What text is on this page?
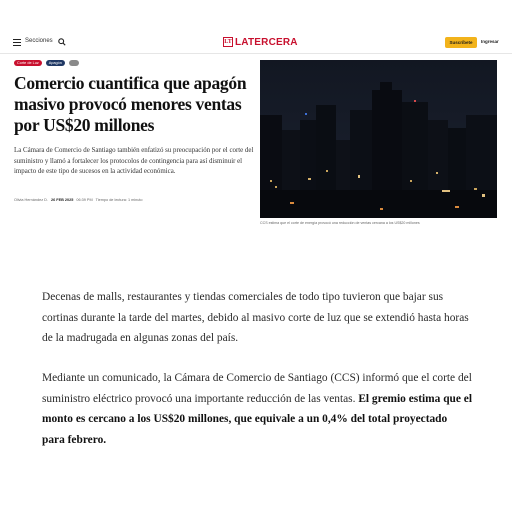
Secciones	LT LATERCERA	Suscríbete	Ingresar
Corte de Luz	Apagón
Comercio cuantifica que apagón masivo provocó menores ventas por US$20 millones

La Cámara de Comercio de Santiago también enfatizó su preocupación por el corte del suministro y llamó a fortalecer los protocolos de contingencia para así disminuir el impacto de este tipo de sucesos en la actividad económica.

Olivia Hernández D. 26 FEB 2025 06:39 PM Tiempo de lectura: 1 minuto

CCS estima que el corte de energía provocó una reducción de ventas cercana a los US$20 millones

Decenas de malls, restaurantes y tiendas comerciales de todo tipo tuvieron que bajar sus cortinas durante la tarde del martes, debido al masivo corte de luz que se extendió hasta horas de la madrugada en algunas zonas del país.

Mediante un comunicado, la Cámara de Comercio de Santiago (CCS) informó que el corte del suministro eléctrico provocó una importante reducción de las ventas. El gremio estima que el monto es cercano a los US$20 millones, que equivale a un 0,4% del total proyectado para febrero.
